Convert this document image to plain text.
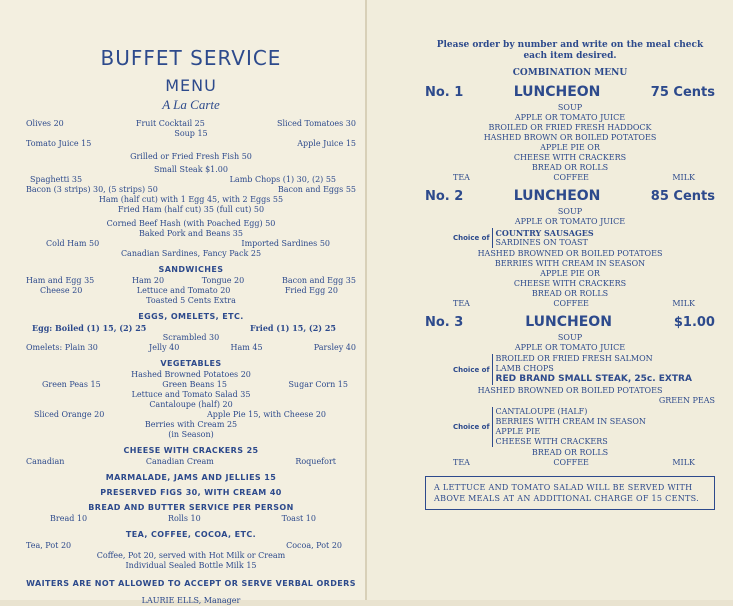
BUFFET SERVICE
MENU
A La Carte
Olives 20	Fruit Cocktail 25	Sliced Tomatoes 30
Soup 15
Tomato Juice 15	Apple Juice 15
Grilled or Fried Fresh Fish 50
Small Steak $1.00
Spaghetti 35	Lamb Chops (1) 30, (2) 55
Bacon (3 strips) 30, (5 strips) 50	Bacon and Eggs 55
Ham (half cut) with 1 Egg 45, with 2 Eggs 55
Fried Ham (half cut) 35 (full cut) 50
Corned Beef Hash (with Poached Egg) 50
Baked Pork and Beans 35
Cold Ham 50	Imported Sardines 50
Canadian Sardines, Fancy Pack 25
SANDWICHES
Ham and Egg 35	Ham 20	Tongue 20	Bacon and Egg 35
Cheese 20	Lettuce and Tomato 20	Fried Egg 20
Toasted 5 Cents Extra
EGGS, OMELETS, ETC.
Egg: Boiled (1) 15, (2) 25	Fried (1) 15, (2) 25
Scrambled 30
Omelets: Plain 30	Jelly 40	Ham 45	Parsley 40
VEGETABLES
Hashed Browned Potatoes 20
Green Peas 15	Green Beans 15	Sugar Corn 15
Lettuce and Tomato Salad 35
Cantaloupe (half) 20
Sliced Orange 20	Apple Pie 15, with Cheese 20
Berries with Cream 25
(in Season)
CHEESE WITH CRACKERS 25
Canadian	Canadian Cream	Roquefort
MARMALADE, JAMS AND JELLIES 15
PRESERVED FIGS 30, WITH CREAM 40
BREAD AND BUTTER SERVICE PER PERSON
Bread 10	Rolls 10	Toast 10
TEA, COFFEE, COCOA, ETC.
Tea, Pot 20	Cocoa, Pot 20
Coffee, Pot 20, served with Hot Milk or Cream
Individual Sealed Bottle Milk 15
WAITERS ARE NOT ALLOWED TO ACCEPT OR SERVE VERBAL ORDERS
LAURIE ELLS, Manager
Please order by number and write on the meal check each item desired.
COMBINATION MENU
No. 1	LUNCHEON	75 Cents
SOUP
APPLE OR TOMATO JUICE
BROILED OR FRIED FRESH HADDOCK
HASHED BROWN OR BOILED POTATOES
APPLE PIE OR
CHEESE WITH CRACKERS
BREAD OR ROLLS
TEA	COFFEE	MILK
No. 2	LUNCHEON	85 Cents
SOUP
APPLE OR TOMATO JUICE
Choice of COUNTRY SAUSAGES
SARDINES ON TOAST
HASHED BROWNED OR BOILED POTATOES
BERRIES WITH CREAM IN SEASON
APPLE PIE OR
CHEESE WITH CRACKERS
BREAD OR ROLLS
TEA	COFFEE	MILK
No. 3	LUNCHEON	$1.00
SOUP
APPLE OR TOMATO JUICE
Choice of
BROILED OR FRIED FRESH SALMON
LAMB CHOPS
RED BRAND SMALL STEAK, 25c. EXTRA
HASHED BROWNED OR BOILED POTATOES
GREEN PEAS
Choice of
CANTALOUPE (HALF)
BERRIES WITH CREAM IN SEASON
APPLE PIE
CHEESE WITH CRACKERS
BREAD OR ROLLS
TEA	COFFEE	MILK
A LETTUCE AND TOMATO SALAD WILL BE SERVED WITH ABOVE MEALS AT AN ADDITIONAL CHARGE OF 15 CENTS.
